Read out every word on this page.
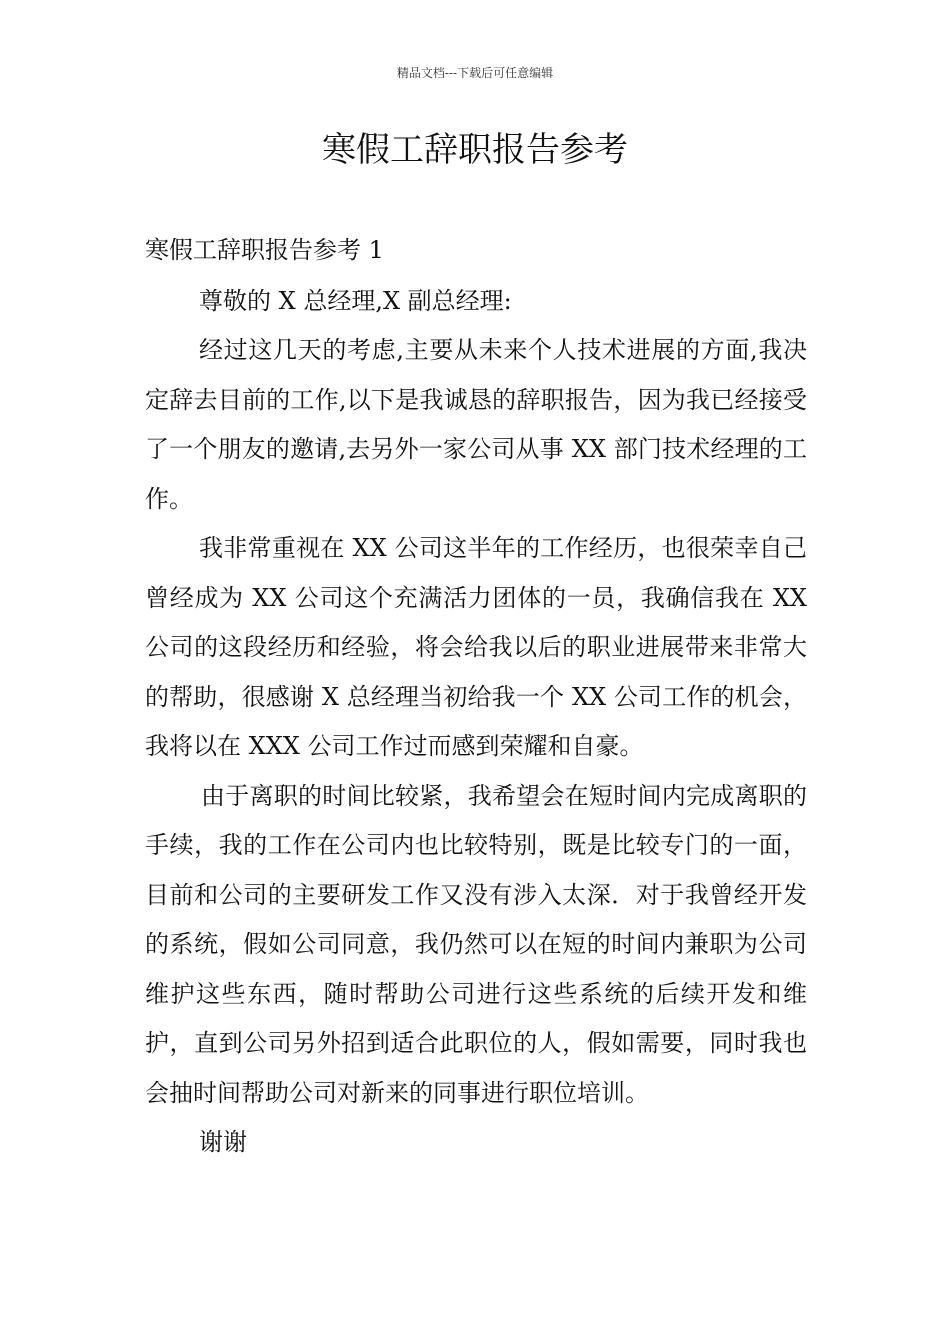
精品文档---下载后可任意编辑
寒假工辞职报告参考

寒假工辞职报告参考 1

尊敬的 X 总经理,X 副总经理:

经过这几天的考虑,主要从未来个人技术进展的方面,我决定辞去目前的工作,以下是我诚恳的辞职报告，因为我已经接受了一个朋友的邀请,去另外一家公司从事 XX 部门技术经理的工作。

我非常重视在 XX 公司这半年的工作经历，也很荣幸自己曾经成为 XX 公司这个充满活力团体的一员，我确信我在 XX 公司的这段经历和经验，将会给我以后的职业进展带来非常大的帮助，很感谢 X 总经理当初给我一个 XX 公司工作的机会，我将以在 XXX 公司工作过而感到荣耀和自豪。

由于离职的时间比较紧，我希望会在短时间内完成离职的手续，我的工作在公司内也比较特别，既是比较专门的一面，目前和公司的主要研发工作又没有涉入太深．对于我曾经开发的系统，假如公司同意，我仍然可以在短的时间内兼职为公司维护这些东西，随时帮助公司进行这些系统的后续开发和维护，直到公司另外招到适合此职位的人，假如需要，同时我也会抽时间帮助公司对新来的同事进行职位培训。

谢谢
